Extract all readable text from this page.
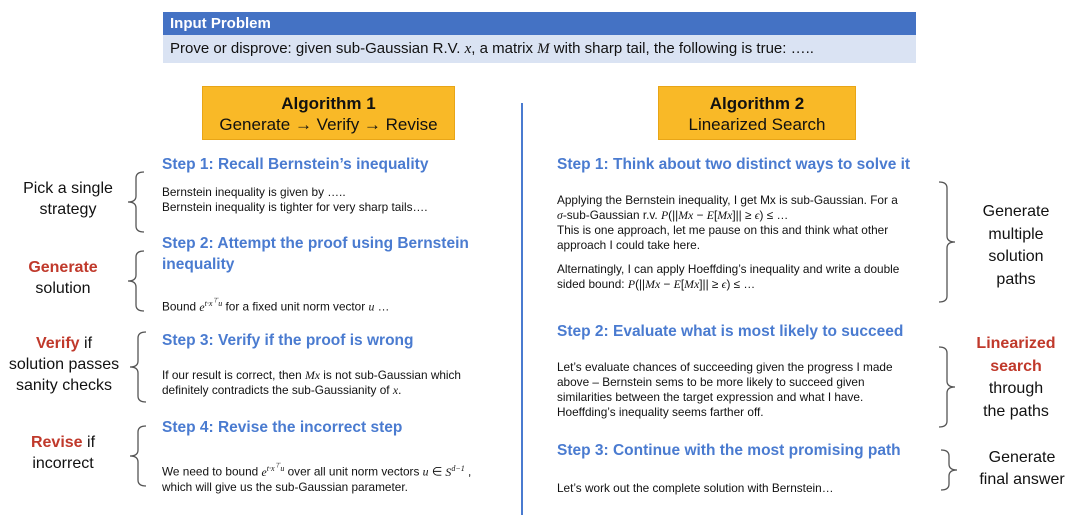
Input Problem
Prove or disprove: given sub-Gaussian R.V. x, a matrix M with sharp tail, the following is true: …..
Algorithm 1
Generate → Verify → Revise
Algorithm 2
Linearized Search
Pick a single
strategy
Generate
solution
Verify if
solution passes
sanity checks
Revise if
incorrect
Step 1: Recall Bernstein’s inequality
Bernstein inequality is given by …..
Bernstein inequality is tighter for very sharp tails….
Step 2: Attempt the proof using Bernstein
inequality
Bound $e^{t\cdot x^⊤u}$ for a fixed unit norm vector u …
Step 3: Verify if the proof is wrong
If our result is correct, then Mx is not sub-Gaussian which
definitely contradicts the sub-Gaussianity of x.
Step 4: Revise the incorrect step
We need to bound $e^{t\cdot x^⊤u}$ over all unit norm vectors u ∈ $S^{d-1}$ ,
which will give us the sub-Gaussian parameter.
Step 1: Think about two distinct ways to solve it
Applying the Bernstein inequality, I get Mx is sub-Gaussian. For a
σ-sub-Gaussian r.v. P(||Mx − E[Mx]|| ≥ ϵ) ≤ …
This is one approach, let me pause on this and think what other
approach I could take here.
Alternatingly, I can apply Hoeffding’s inequality and write a double
sided bound: P(||Mx − E[Mx]|| ≥ ϵ) ≤ …
Step 2: Evaluate what is most likely to succeed
Let’s evaluate chances of succeeding given the progress I made
above – Bernstein sems to be more likely to succeed given
similarities between the target expression and what I have.
Hoeffding’s inequality seems farther off.
Step 3: Continue with the most promising path
Let’s work out the complete solution with Bernstein…
Generate
multiple
solution
paths
Linearized
search
through
the paths
Generate
final answer
